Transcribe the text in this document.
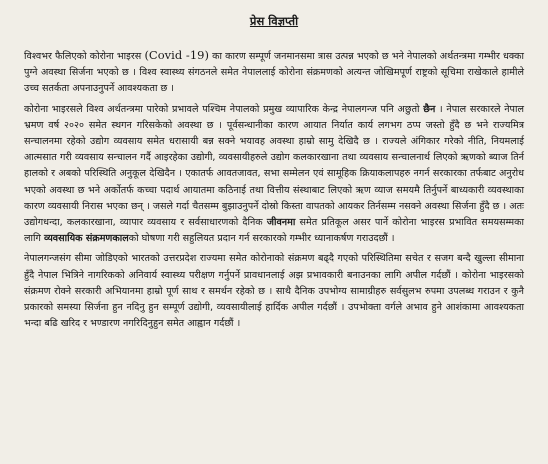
प्रेस विज्ञप्ती

विश्वभर फैलिएको कोरोना भाइरस (Covid -19) का कारण सम्पूर्ण जनमानसमा त्रास उत्पन्न भएको छ भने नेपालको अर्थतन्त्रमा गम्भीर धक्का पुग्ने अवस्था सिर्जना भएको छ । विश्व स्वास्थ्य संगठनले समेत नेपाललाई कोरोना संक्रमणको अत्यन्त जोखिमपूर्ण राष्ट्रको सूचिमा राखेकाले हामीले उच्च सतर्कता अपनाउनुपर्ने आवश्यकता छ ।

कोरोना भाइरसले विश्व अर्थतन्त्रमा पारेको प्रभावले पश्चिम नेपालको प्रमुख व्यापारिक केन्द्र नेपालगन्ज पनि अछुतो छैन । नेपाल सरकारले नेपाल भ्रमण वर्ष २०२० समेत स्थगन गरिसकेको अवस्था छ । पूर्वसन्धानीका कारण आयात निर्यात कार्य लगभग ठप्प जस्तो हुँदै छ भने राज्यमित्र सन्चालनमा रहेको उद्योग व्यवसाय समेत धरासायी बन्न सक्ने भयावह अवस्था हाम्रो सामु देखिदै छ । राज्यले अंगिकार गरेको नीति, नियमलाई आत्मसात गरी व्यवसाय सन्चालन गर्दै आइरहेका उद्योगी, व्यवसायीहरुले उद्योग कलकारखाना तथा व्यवसाय सन्चालनार्थ लिएको ऋणको ब्याज तिर्न हालको र अबको परिस्थिति अनुकूल देखिदैन । एकातर्फ आवतजावत, सभा सम्मेलन एवं सामूहिक क्रियाकलापहरु नगर्न सरकारका तर्फबाट अनुरोध भएको अवस्था छ भने अर्कोतर्फ कच्चा पदार्थ आयातमा कठिनाई तथा वित्तीय संस्थाबाट लिएको ऋण व्याज समयमै तिर्नुपर्ने बाध्यकारी व्यवस्थाका कारण व्यवसायी निरास भएका छन् । जसले गर्दा चैतसम्म बुझाउनुपर्ने दोस्रो किस्ता वापतको आयकर तिर्नसम्म नसक्ने अवस्था सिर्जना हुँदै छ । अतः उद्योगधन्दा, कलकारखाना, व्यापार व्यवसाय र सर्वसाधारणको दैनिक जीवनमा समेत प्रतिकूल असर पार्ने कोरोना भाइरस प्रभावित समयसम्मका लागि व्यवसायिक संक्रमणकालको घोषणा गरी सहुलियत प्रदान गर्न सरकारको गम्भीर ध्यानाकर्षण गराउदछौं ।

नेपालगन्जसंग सीमा जोडिएको भारतको उत्तरप्रदेश राज्यमा समेत कोरोनाको संक्रमण बढ्दै गएको परिस्थितिमा सचेत र सजग बन्दै खुल्ला सीमाना हुँदै नेपाल भित्रिने नागरिकको अनिवार्य स्वास्थ्य परीक्षण गर्नुपर्ने प्रावधानलाई अझ प्रभावकारी बनाउनका लागि अपील गर्दछौं । कोरोना भाइरसको संक्रमण रोक्ने सरकारी अभियानमा हाम्रो पूर्ण साथ र समर्थन रहेको छ । साथै दैनिक उपभोग्य सामाग्रीहरु सर्वसुलभ रुपमा उपलब्ध गराउन र कुनै प्रकारको समस्या सिर्जना हुन नदिनु हुन सम्पूर्ण उद्योगी, व्यवसायीलाई हार्दिक अपील गर्दछौं । उपभोक्ता वर्गले अभाव हुने आशंकामा आवश्यकता भन्दा बढि खरिद र भण्डारण नगरिदिनुहुन समेत आह्वान गर्दछौं ।
